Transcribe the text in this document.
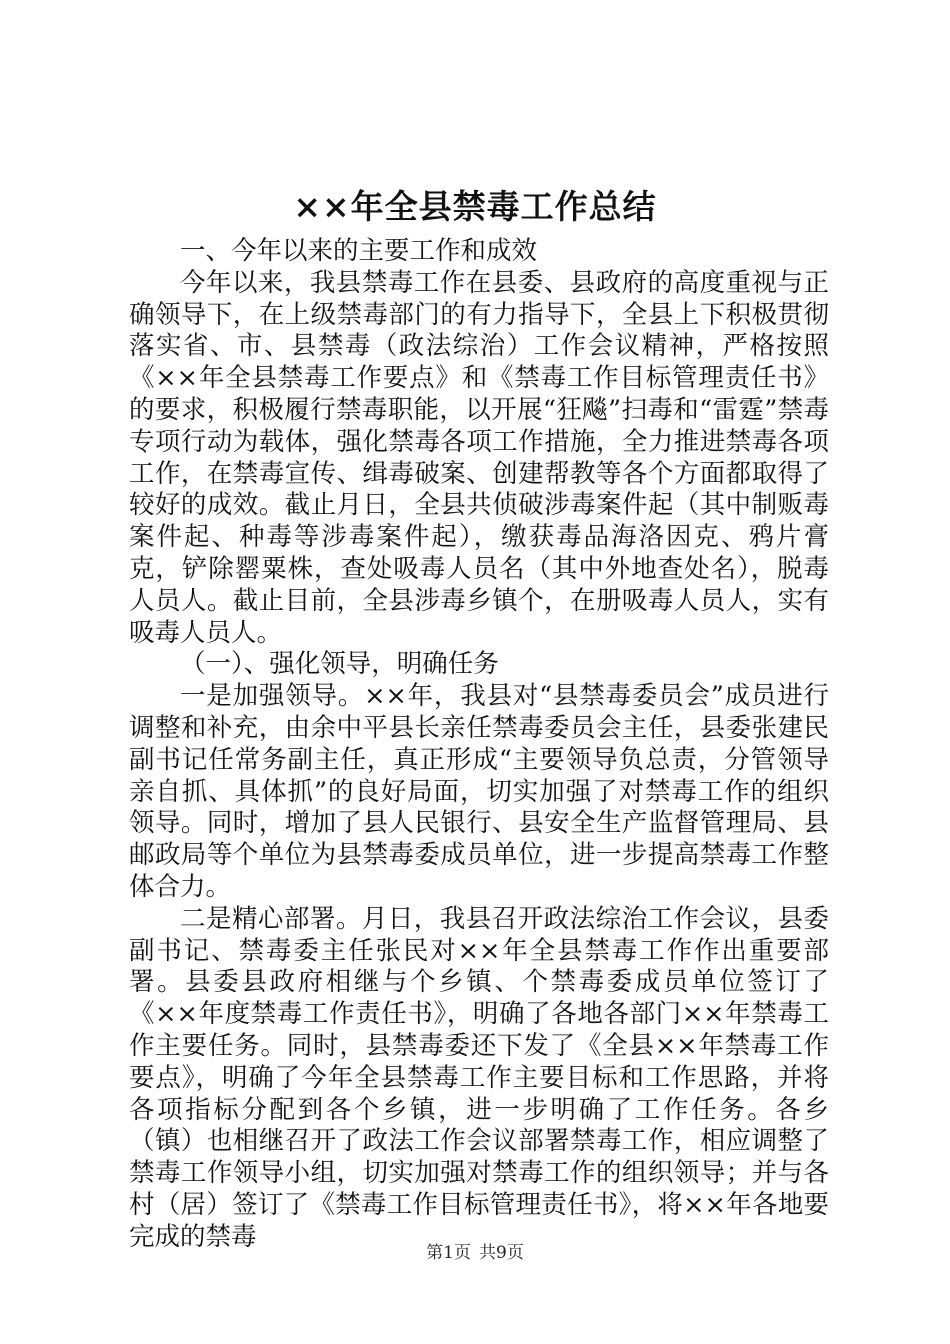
××年全县禁毒工作总结

一、今年以来的主要工作和成效

今年以来，我县禁毒工作在县委、县政府的高度重视与正确领导下，在上级禁毒部门的有力指导下，全县上下积极贯彻落实省、市、县禁毒（政法综治）工作会议精神，严格按照《××年全县禁毒工作要点》和《禁毒工作目标管理责任书》的要求，积极履行禁毒职能，以开展“狂飚”扫毒和“雷霆”禁毒专项行动为载体，强化禁毒各项工作措施，全力推进禁毒各项工作，在禁毒宣传、缉毒破案、创建帮教等各个方面都取得了较好的成效。截止月日，全县共侦破涉毒案件起（其中制贩毒案件起、种毒等涉毒案件起），缴获毒品海洛因克、鸦片膏克，铲除罂粟株，查处吸毒人员名（其中外地查处名），脱毒人员人。截止目前，全县涉毒乡镇个，在册吸毒人员人，实有吸毒人员人。

（一）、强化领导，明确任务

一是加强领导。××年，我县对“县禁毒委员会”成员进行调整和补充，由余中平县长亲任禁毒委员会主任，县委张建民副书记任常务副主任，真正形成“主要领导负总责，分管领导亲自抓、具体抓”的良好局面，切实加强了对禁毒工作的组织领导。同时，增加了县人民银行、县安全生产监督管理局、县邮政局等个单位为县禁毒委成员单位，进一步提高禁毒工作整体合力。

二是精心部署。月日，我县召开政法综治工作会议，县委副书记、禁毒委主任张民对××年全县禁毒工作作出重要部署。县委县政府相继与个乡镇、个禁毒委成员单位签订了《××年度禁毒工作责任书》，明确了各地各部门××年禁毒工作主要任务。同时，县禁毒委还下发了《全县××年禁毒工作要点》，明确了今年全县禁毒工作主要目标和工作思路，并将各项指标分配到各个乡镇，进一步明确了工作任务。各乡（镇）也相继召开了政法工作会议部署禁毒工作，相应调整了禁毒工作领导小组，切实加强对禁毒工作的组织领导；并与各村（居）签订了《禁毒工作目标管理责任书》，将××年各地要完成的禁毒

第1页 共9页
